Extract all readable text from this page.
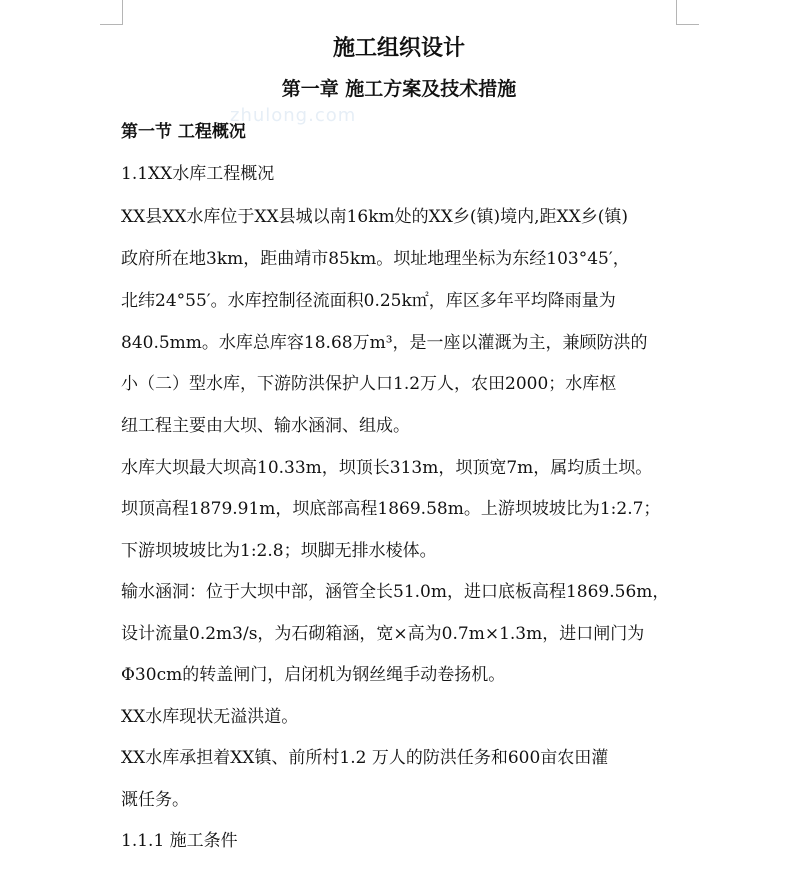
zhulong.com
施工组织设计
第一章 施工方案及技术措施
第一节 工程概况

1.1XX水库工程概况

XX县XX水库位于XX县城以南16km处的XX乡(镇)境内,距XX乡(镇)

政府所在地3km，距曲靖市85km。坝址地理坐标为东经103°45′，

北纬24°55′。水库控制径流面积0.25k㎡，库区多年平均降雨量为

840.5mm。水库总库容18.68万m³，是一座以灌溉为主，兼顾防洪的

小（二）型水库，下游防洪保护人口1.2万人，农田2000；水库枢

纽工程主要由大坝、输水涵洞、组成。

水库大坝最大坝高10.33m，坝顶长313m，坝顶宽7m，属均质土坝。

坝顶高程1879.91m，坝底部高程1869.58m。上游坝坡坡比为1:2.7；

下游坝坡坡比为1:2.8；坝脚无排水棱体。

输水涵洞：位于大坝中部，涵管全长51.0m，进口底板高程1869.56m，

设计流量0.2m3/s，为石砌箱涵，宽×高为0.7m×1.3m，进口闸门为

Φ30cm的转盖闸门，启闭机为钢丝绳手动卷扬机。

XX水库现状无溢洪道。

XX水库承担着XX镇、前所村1.2 万人的防洪任务和600亩农田灌

溉任务。

1.1.1 施工条件
